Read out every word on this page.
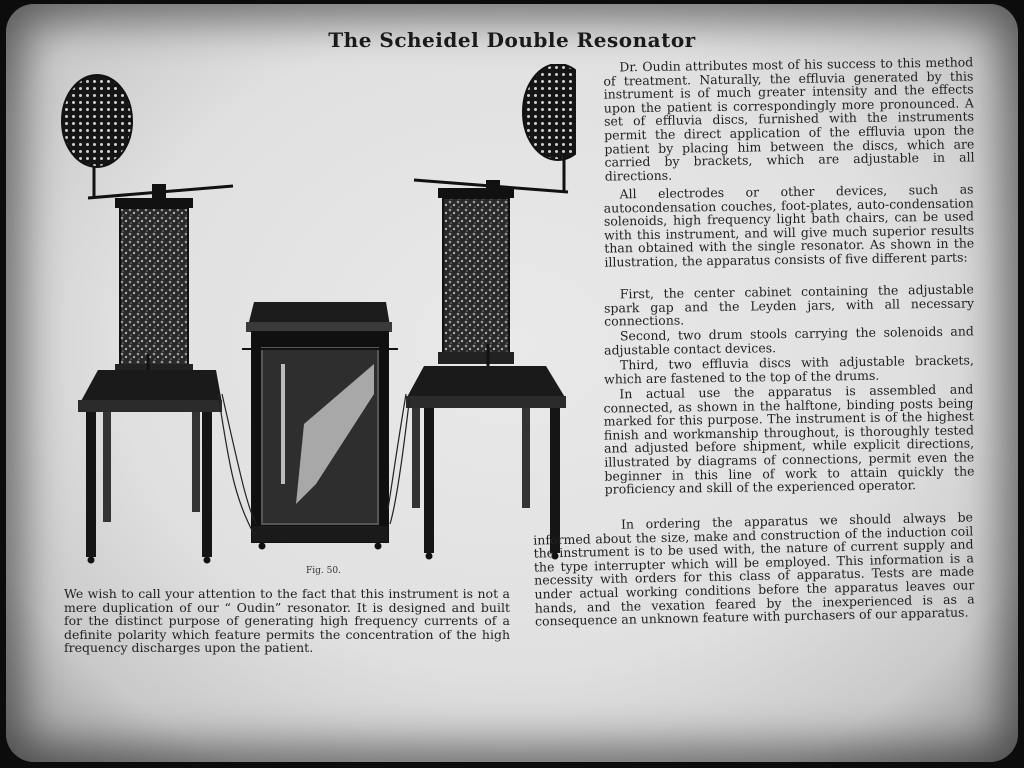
The Scheidel Double Resonator
Fig. 50.

We wish to call your attention to the fact that this instrument is not a mere duplication of our “ Oudin” resonator. It is designed and built for the distinct purpose of generating high frequency currents of a definite polarity which feature permits the concentration of the high frequency discharges upon the patient.

Dr. Oudin attributes most of his success to this method of treatment. Naturally, the effluvia generated by this instrument is of much greater intensity and the effects upon the patient is correspondingly more pronounced. A set of effluvia discs, furnished with the instruments permit the direct application of the effluvia upon the patient by placing him between the discs, which are carried by brackets, which are adjustable in all directions.

All electrodes or other devices, such as autocondensation couches, foot-plates, auto-condensation solenoids, high frequency light bath chairs, can be used with this instrument, and will give much superior results than obtained with the single resonator. As shown in the illustration, the apparatus consists of five different parts:

First, the center cabinet containing the adjustable spark gap and the Leyden jars, with all necessary connections.

Second, two drum stools carrying the solenoids and adjustable contact devices.

Third, two effluvia discs with adjustable brackets, which are fastened to the top of the drums.

In actual use the apparatus is assembled and connected, as shown in the halftone, binding posts being marked for this purpose. The instrument is of the highest finish and workmanship throughout, is thoroughly tested and adjusted before shipment, while explicit directions, illustrated by diagrams of connections, permit even the beginner in this line of work to attain quickly the proficiency and skill of the experienced operator.

In ordering the apparatus we should always be informed about the size, make and construction of the induction coil the instrument is to be used with, the nature of current supply and the type interrupter which will be employed. This information is a necessity with orders for this class of apparatus. Tests are made under actual working conditions before the apparatus leaves our hands, and the vexation feared by the inexperienced is as a consequence an unknown feature with purchasers of our apparatus.
